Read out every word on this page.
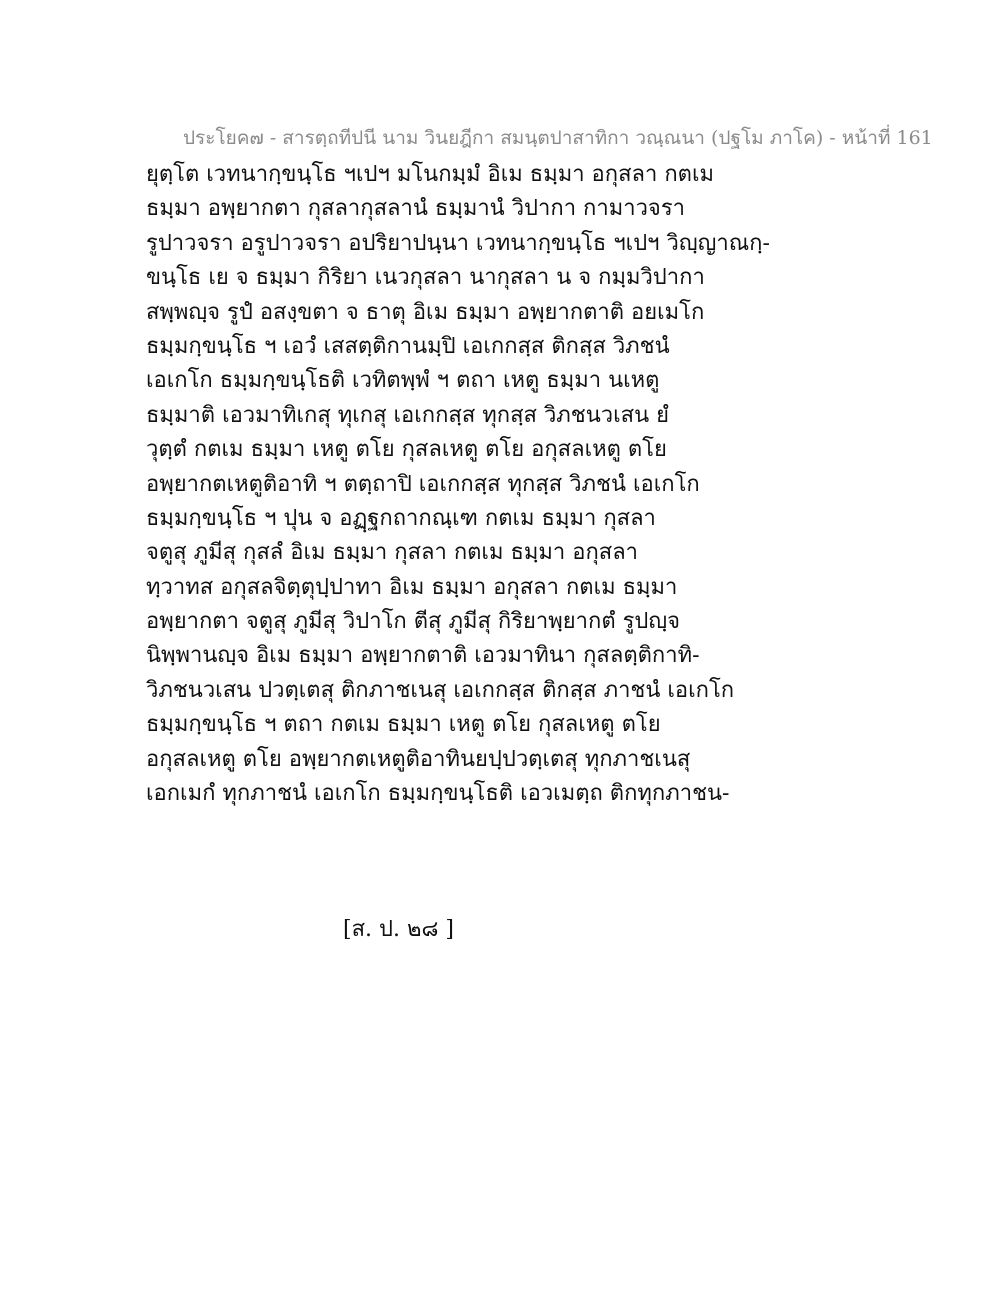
ประโยค๗ - สารตฺถทีปนี นาม วินยฎีกา สมนฺตปาสาทิกา วณฺณนา (ปฐโม ภาโค) - หน้าที่ 161
ยุตฺโต เวทนากฺขนฺโธ ฯเปฯ มโนกมฺมํ อิเม ธมฺมา อกุสลา กตเม
ธมฺมา อพฺยากตา กุสลากุสลานํ ธมฺมานํ วิปากา กามาวจรา
รูปาวจรา อรูปาวจรา อปริยาปนฺนา เวทนากฺขนฺโธ ฯเปฯ วิญฺญาณกฺ-
ขนฺโธ เย จ ธมฺมา กิริยา เนวกุสลา นากุสลา น จ กมฺมวิปากา
สพฺพญฺจ รูปํ อสงฺขตา จ ธาตุ อิเม ธมฺมา อพฺยากตาติ อยเมโก
ธมฺมกฺขนฺโธ ฯ เอวํ เสสตฺติกานมฺปิ เอเกกสฺส ติกสฺส วิภชนํ
เอเกโก ธมฺมกฺขนฺโธติ เวทิตพฺพํ ฯ ตถา เหตู ธมฺมา นเหตู
ธมฺมาติ เอวมาทิเกสุ ทุเกสุ เอเกกสฺส ทุกสฺส วิภชนวเสน ยํ
วุตฺตํ กตเม ธมฺมา เหตู ตโย กุสลเหตู ตโย อกุสลเหตู ตโย
อพฺยากตเหตูติอาทิ ฯ ตตฺถาปิ เอเกกสฺส ทุกสฺส วิภชนํ เอเกโก
ธมฺมกฺขนฺโธ ฯ ปุน จ อฏฺฐกถากณฺเฑ กตเม ธมฺมา กุสลา
จตูสุ ภูมีสุ กุสลํ อิเม ธมฺมา กุสลา กตเม ธมฺมา อกุสลา
ทฺวาทส อกุสลจิตฺตุปฺปาทา อิเม ธมฺมา อกุสลา กตเม ธมฺมา
อพฺยากตา จตูสุ ภูมีสุ วิปาโก ตีสุ ภูมีสุ กิริยาพฺยากตํ รูปญฺจ
นิพฺพานญฺจ อิเม ธมฺมา อพฺยากตาติ เอวมาทินา กุสลตฺติกาทิ-
วิภชนวเสน ปวตฺเตสุ ติกภาชเนสุ เอเกกสฺส ติกสฺส ภาชนํ เอเกโก
ธมฺมกฺขนฺโธ ฯ ตถา กตเม ธมฺมา เหตู ตโย กุสลเหตู ตโย
อกุสลเหตู ตโย อพฺยากตเหตูติอาทินยปฺปวตฺเตสุ ทุกภาชเนสุ
เอกเมกํ ทุกภาชนํ เอเกโก ธมฺมกฺขนฺโธติ เอวเมตฺถ ติกทุกภาชน-
[ส. ป. ๒๘ ]
